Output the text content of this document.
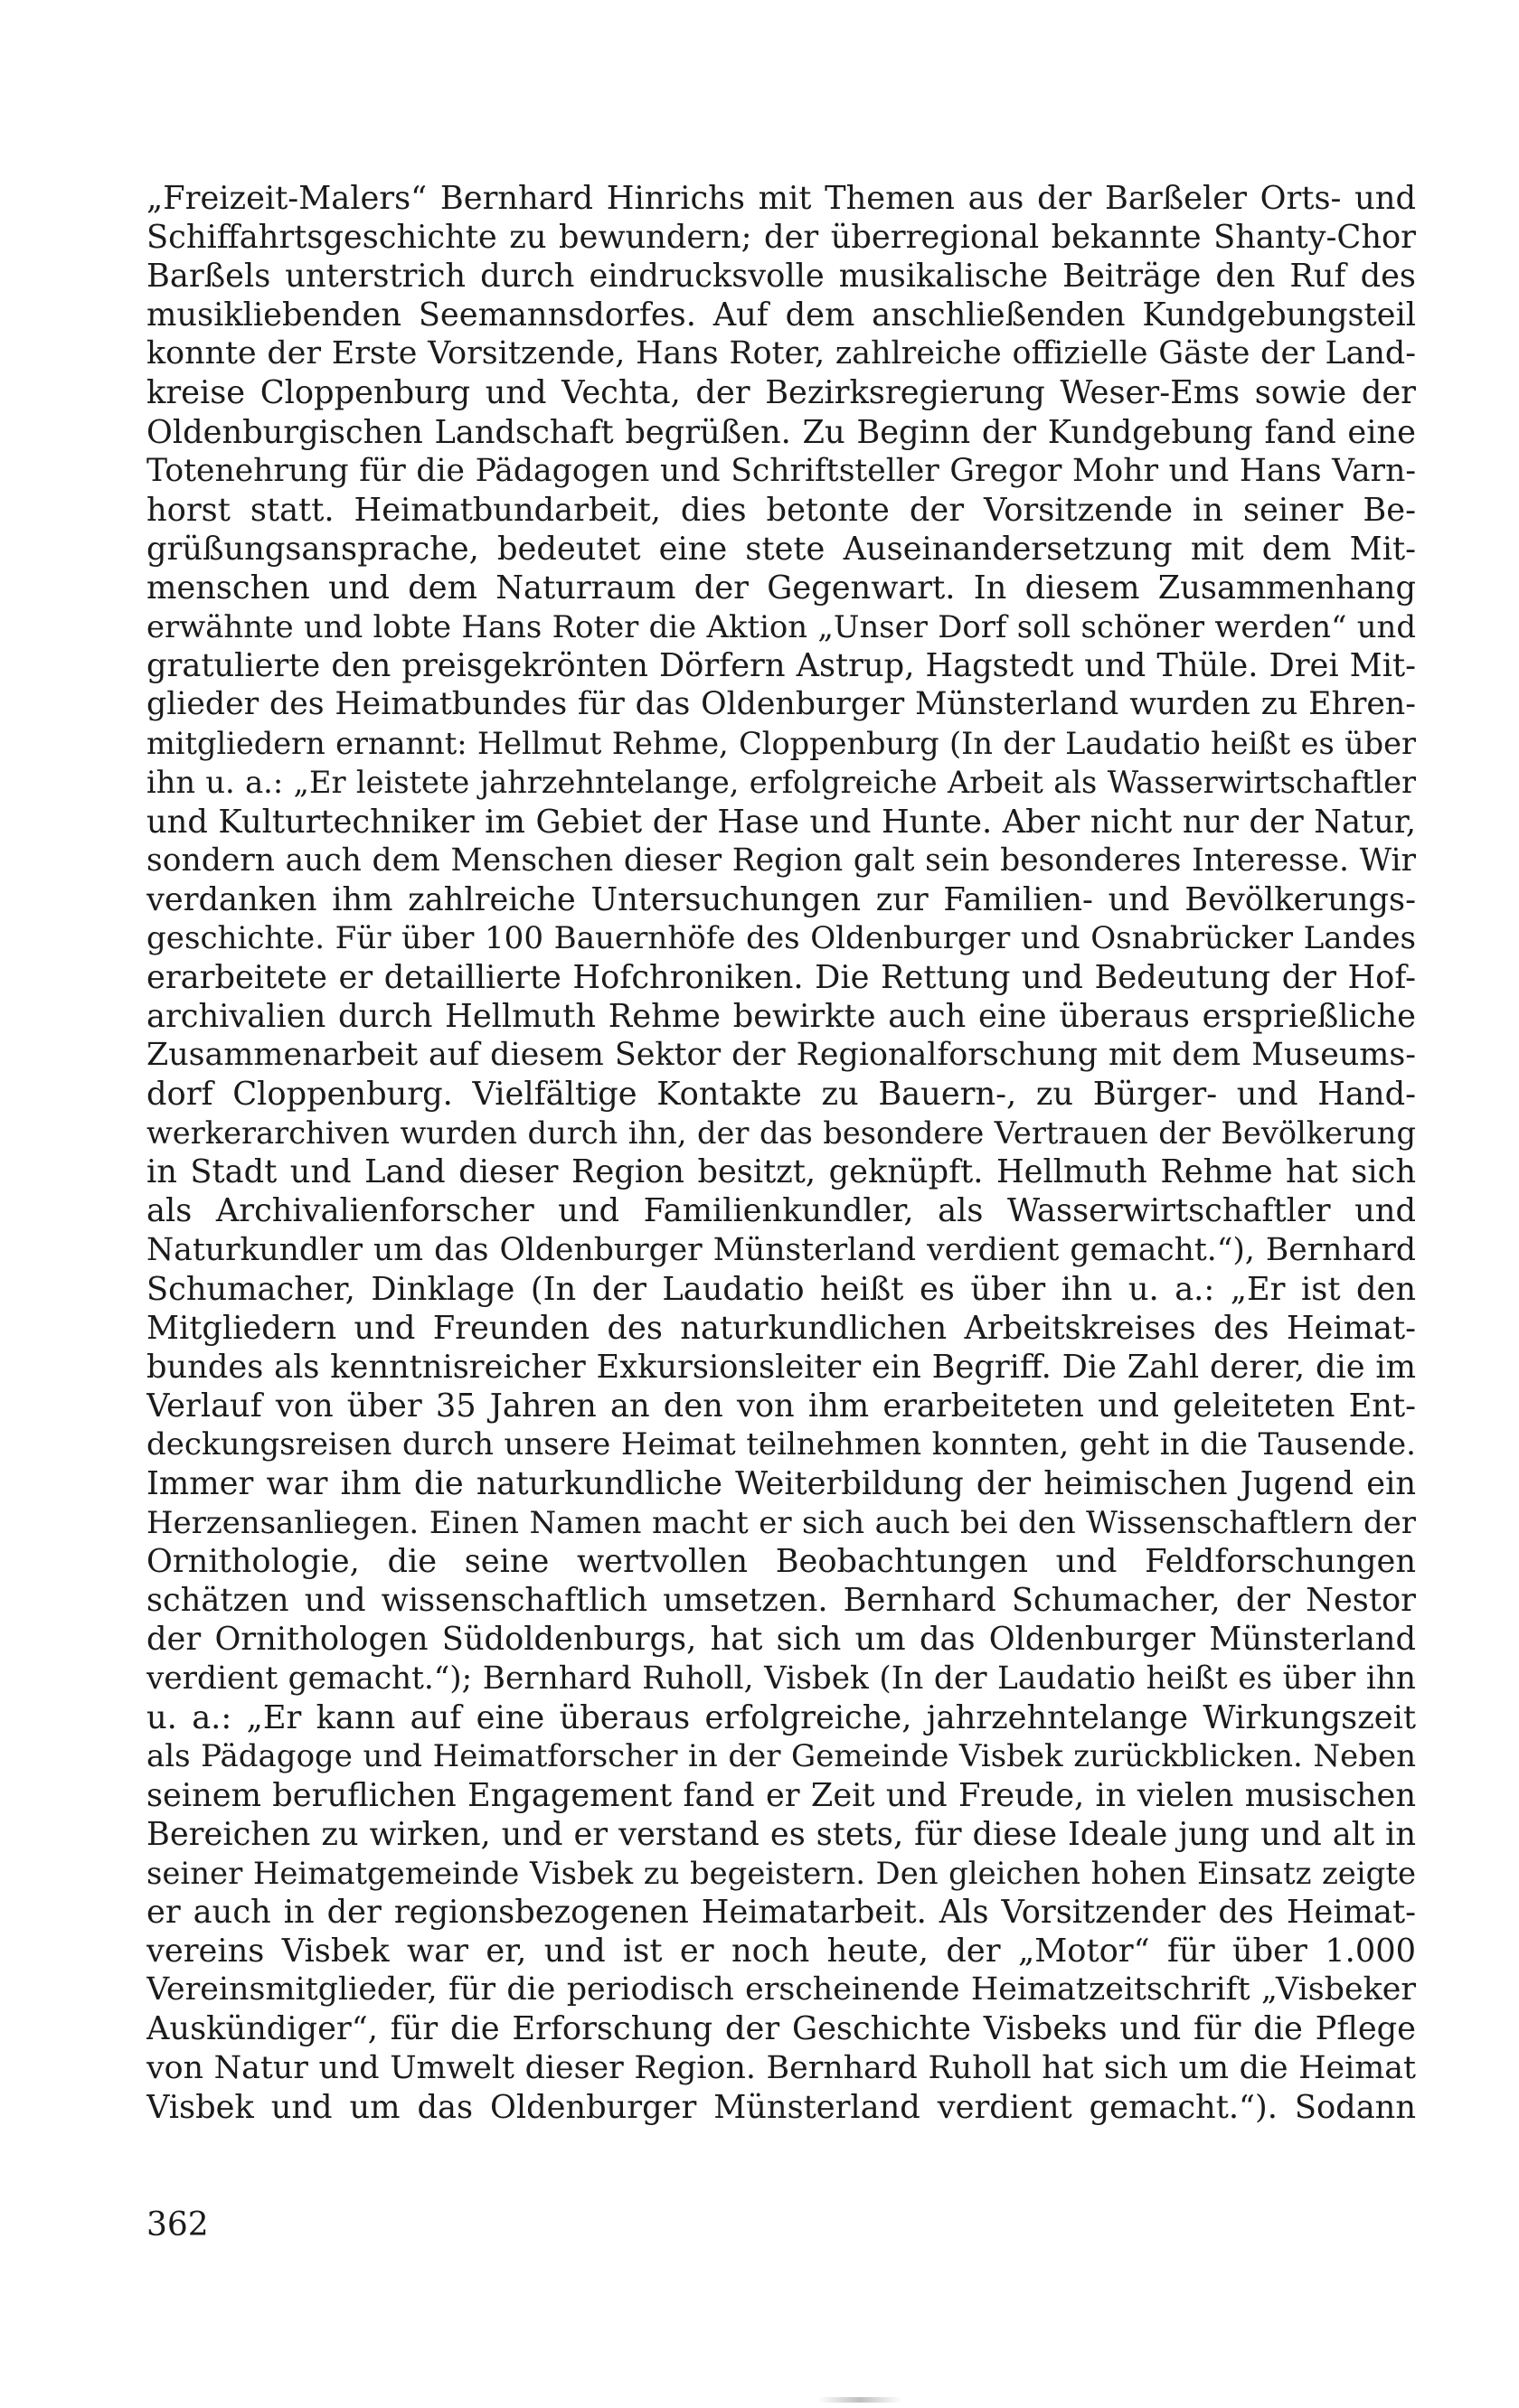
„Freizeit-Malers“ Bernhard Hinrichs mit Themen aus der Barßeler Orts- und
Schiffahrtsgeschichte zu bewundern; der überregional bekannte Shanty-Chor
Barßels unterstrich durch eindrucksvolle musikalische Beiträge den Ruf des
musikliebenden Seemannsdorfes. Auf dem anschließenden Kundgebungsteil
konnte der Erste Vorsitzende, Hans Roter, zahlreiche offizielle Gäste der Land-
kreise Cloppenburg und Vechta, der Bezirksregierung Weser-Ems sowie der
Oldenburgischen Landschaft begrüßen. Zu Beginn der Kundgebung fand eine
Totenehrung für die Pädagogen und Schriftsteller Gregor Mohr und Hans Varn-
horst statt. Heimatbundarbeit, dies betonte der Vorsitzende in seiner Be-
grüßungsansprache, bedeutet eine stete Auseinandersetzung mit dem Mit-
menschen und dem Naturraum der Gegenwart. In diesem Zusammenhang
erwähnte und lobte Hans Roter die Aktion „Unser Dorf soll schöner werden“ und
gratulierte den preisgekrönten Dörfern Astrup, Hagstedt und Thüle. Drei Mit-
glieder des Heimatbundes für das Oldenburger Münsterland wurden zu Ehren-
mitgliedern ernannt: Hellmut Rehme, Cloppenburg (In der Laudatio heißt es über
ihn u. a.: „Er leistete jahrzehntelange, erfolgreiche Arbeit als Wasserwirtschaftler
und Kulturtechniker im Gebiet der Hase und Hunte. Aber nicht nur der Natur,
sondern auch dem Menschen dieser Region galt sein besonderes Interesse. Wir
verdanken ihm zahlreiche Untersuchungen zur Familien- und Bevölkerungs-
geschichte. Für über 100 Bauernhöfe des Oldenburger und Osnabrücker Landes
erarbeitete er detaillierte Hofchroniken. Die Rettung und Bedeutung der Hof-
archivalien durch Hellmuth Rehme bewirkte auch eine überaus ersprießliche
Zusammenarbeit auf diesem Sektor der Regionalforschung mit dem Museums-
dorf Cloppenburg. Vielfältige Kontakte zu Bauern-, zu Bürger- und Hand-
werkerarchiven wurden durch ihn, der das besondere Vertrauen der Bevölkerung
in Stadt und Land dieser Region besitzt, geknüpft. Hellmuth Rehme hat sich
als Archivalienforscher und Familienkundler, als Wasserwirtschaftler und
Naturkundler um das Oldenburger Münsterland verdient gemacht.“), Bernhard
Schumacher, Dinklage (In der Laudatio heißt es über ihn u. a.: „Er ist den
Mitgliedern und Freunden des naturkundlichen Arbeitskreises des Heimat-
bundes als kenntnisreicher Exkursionsleiter ein Begriff. Die Zahl derer, die im
Verlauf von über 35 Jahren an den von ihm erarbeiteten und geleiteten Ent-
deckungsreisen durch unsere Heimat teilnehmen konnten, geht in die Tausende.
Immer war ihm die naturkundliche Weiterbildung der heimischen Jugend ein
Herzensanliegen. Einen Namen macht er sich auch bei den Wissenschaftlern der
Ornithologie, die seine wertvollen Beobachtungen und Feldforschungen
schätzen und wissenschaftlich umsetzen. Bernhard Schumacher, der Nestor
der Ornithologen Südoldenburgs, hat sich um das Oldenburger Münsterland
verdient gemacht.“); Bernhard Ruholl, Visbek (In der Laudatio heißt es über ihn
u. a.: „Er kann auf eine überaus erfolgreiche, jahrzehntelange Wirkungszeit
als Pädagoge und Heimatforscher in der Gemeinde Visbek zurückblicken. Neben
seinem beruflichen Engagement fand er Zeit und Freude, in vielen musischen
Bereichen zu wirken, und er verstand es stets, für diese Ideale jung und alt in
seiner Heimatgemeinde Visbek zu begeistern. Den gleichen hohen Einsatz zeigte
er auch in der regionsbezogenen Heimatarbeit. Als Vorsitzender des Heimat-
vereins Visbek war er, und ist er noch heute, der „Motor“ für über 1.000
Vereinsmitglieder, für die periodisch erscheinende Heimatzeitschrift „Visbeker
Auskündiger“, für die Erforschung der Geschichte Visbeks und für die Pflege
von Natur und Umwelt dieser Region. Bernhard Ruholl hat sich um die Heimat
Visbek und um das Oldenburger Münsterland verdient gemacht.“). Sodann
362
